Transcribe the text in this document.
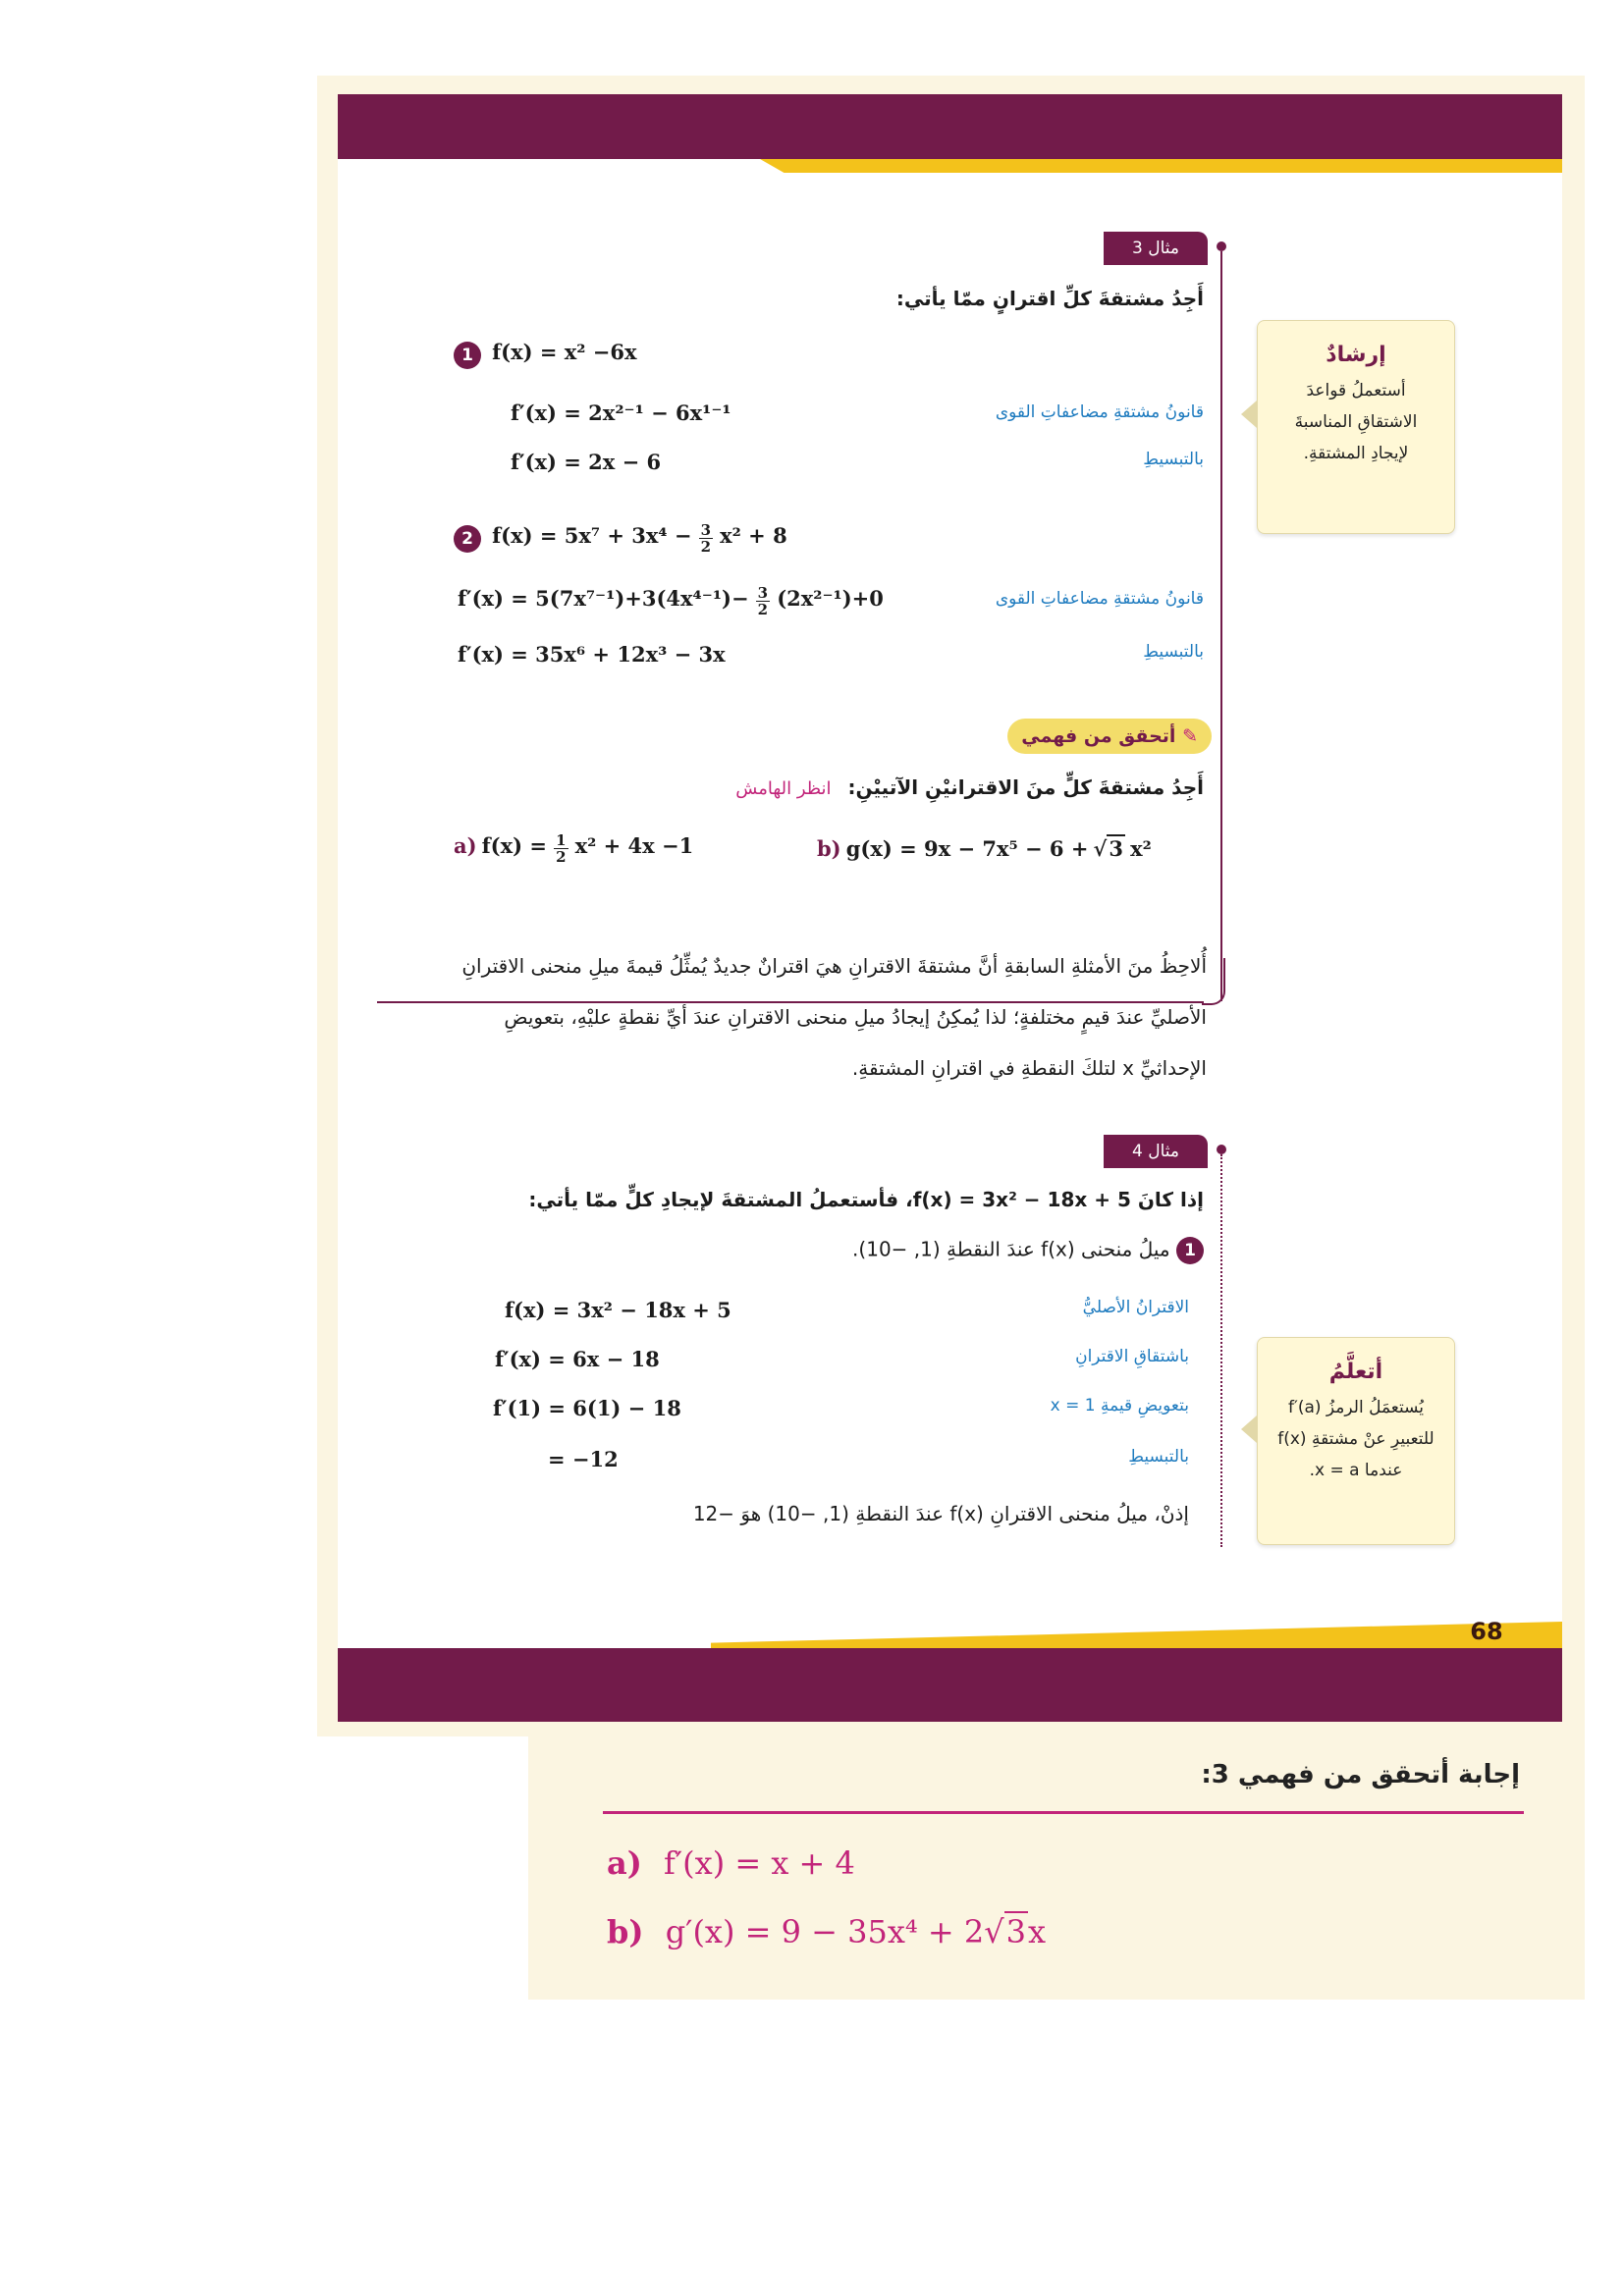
مثال 3
أَجِدُ مشتقةَ كلِّ اقترانٍ ممّا يأتي:
1 f(x) = x² −6x
f′(x) = 2x²⁻¹ − 6x¹⁻¹	قانونُ مشتقةِ مضاعفاتِ القوى
f′(x) = 2x − 6	بالتبسيطِ
2 $f(x) = 5x^7 + 3x^4 - \frac{3}{2} x^2 + 8$
$f'(x) = 5(7x^{7-1})+3(4x^{4-1})- \frac{3}{2} (2x^{2-1})+0$	قانونُ مشتقةِ مضاعفاتِ القوى
f′(x) = 35x⁶ + 12x³ − 3x	بالتبسيطِ
✎ أتحقق من فهمي
أَجِدُ مشتقةَ كلٍّ منَ الاقترانيْنِ الآتييْنِ: انظر الهامش
a) $f(x) = \frac{1}{2} x^2 + 4x -1$	b) g(x) = 9x − 7x⁵ − 6 + √3 x²
أُلاحِظُ منَ الأمثلةِ السابقةِ أنَّ مشتقةَ الاقترانِ هيَ اقترانٌ جديدٌ يُمثِّلُ قيمةَ ميلِ منحنى الاقترانِ
الأصليِّ عندَ قيمٍ مختلفةٍ؛ لذا يُمكِنُ إيجادُ ميلِ منحنى الاقترانِ عندَ أيِّ نقطةٍ عليْهِ، بتعويضِ
الإحداثيِّ x لتلكَ النقطةِ في اقترانِ المشتقةِ.
مثال 4
إذا كانَ f(x) = 3x² − 18x + 5، فأستعملُ المشتقةَ لإيجادِ كلٍّ ممّا يأتي:
1 ميلُ منحنى f(x) عندَ النقطةِ (1, −10).
f(x) = 3x² − 18x + 5	الاقترانُ الأصليُّ
f′(x) = 6x − 18	باشتقاقِ الاقترانِ
f′(1) = 6(1) − 18	بتعويضِ قيمةِ x = 1
= −12	بالتبسيطِ
إذنْ، ميلُ منحنى الاقترانِ f(x) عندَ النقطةِ (1, −10) هوَ −12
إرشادٌ
أستعملُ قواعدَ
الاشتقاقِ المناسبةَ
لإيجادِ المشتقةِ.
أتعلَّمُ
يُستعمَلُ الرمزُ f′(a)
للتعبيرِ عنْ مشتقةِ f(x)
عندما x = a.
68
إجابة أتحقق من فهمي 3:
a) f′(x) = x + 4
b) g′(x) = 9 − 35x⁴ + 2√3x
